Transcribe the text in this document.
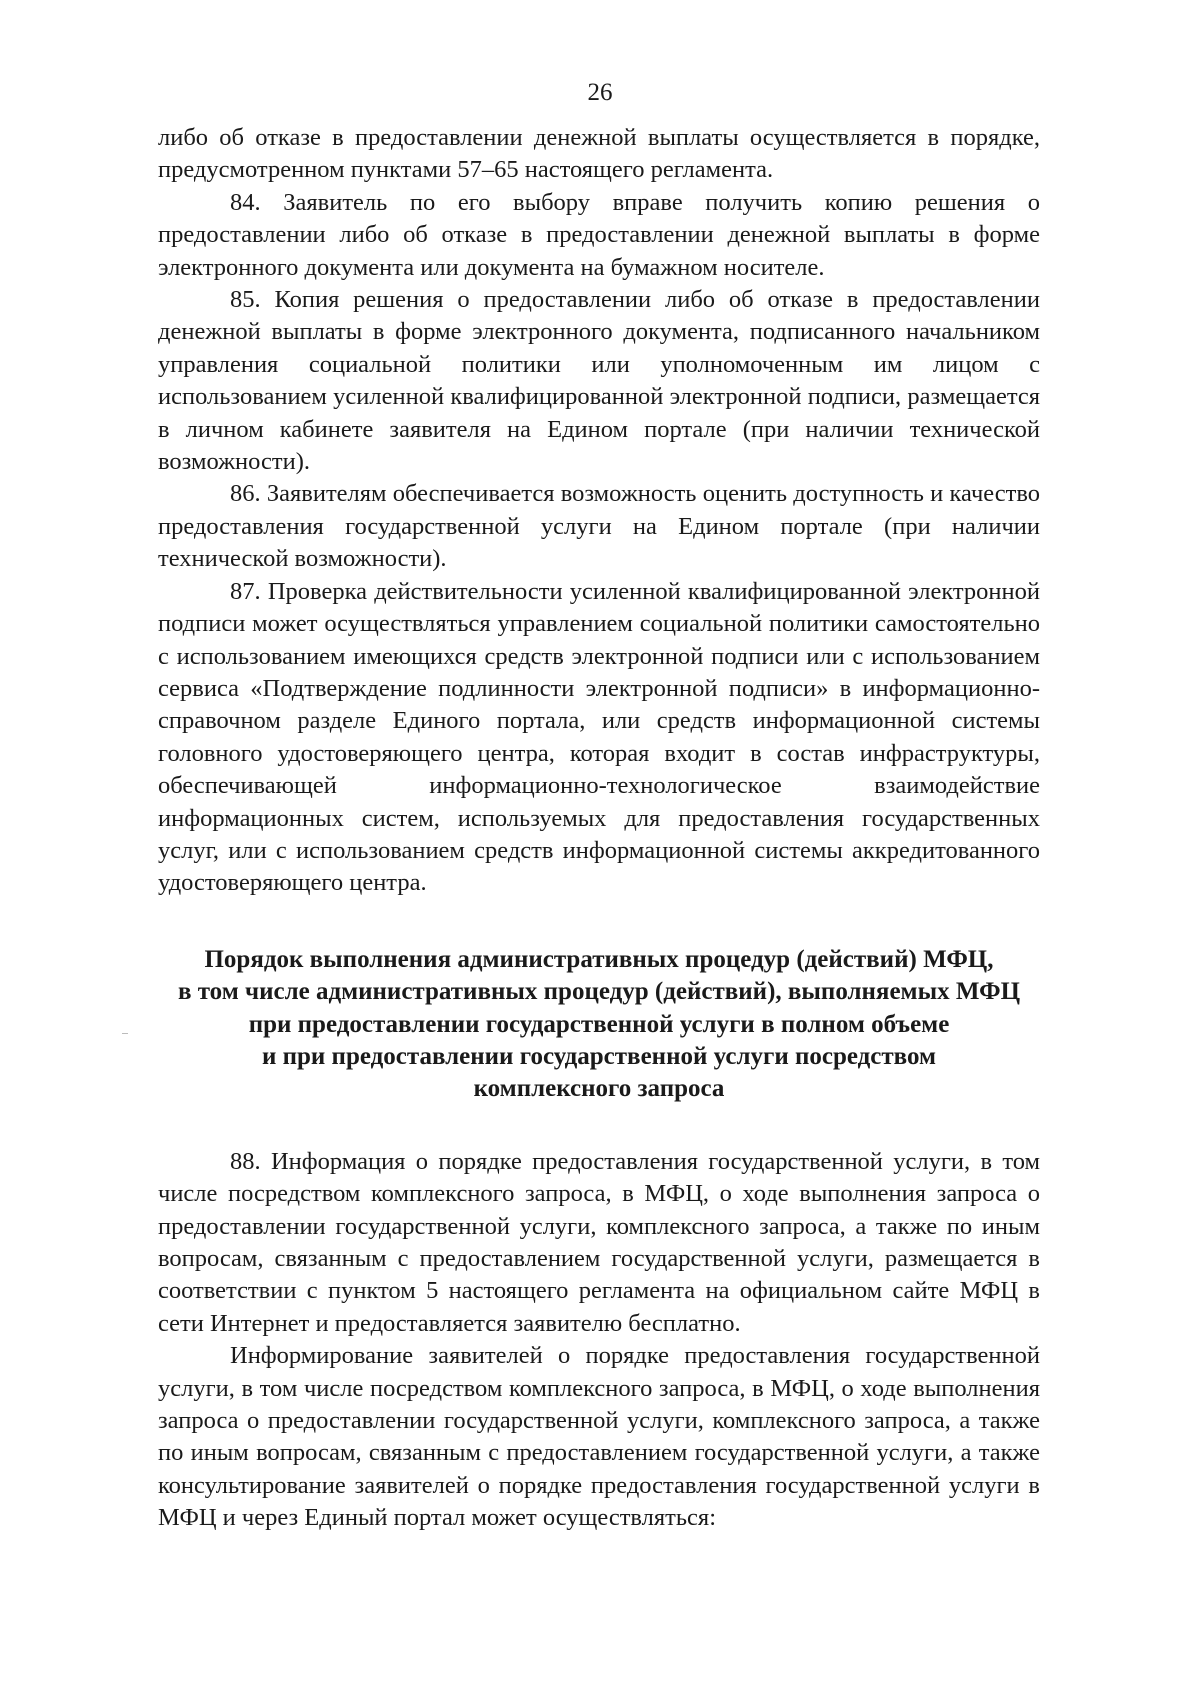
26

либо об отказе в предоставлении денежной выплаты осуществляется в порядке, предусмотренном пунктами 57–65 настоящего регламента.

84. Заявитель по его выбору вправе получить копию решения о предоставлении либо об отказе в предоставлении денежной выплаты в форме электронного документа или документа на бумажном носителе.

85. Копия решения о предоставлении либо об отказе в предоставлении денежной выплаты в форме электронного документа, подписанного начальником управления социальной политики или уполномоченным им лицом с использованием усиленной квалифицированной электронной подписи, размещается в личном кабинете заявителя на Едином портале (при наличии технической возможности).

86. Заявителям обеспечивается возможность оценить доступность и качество предоставления государственной услуги на Едином портале (при наличии технической возможности).

87. Проверка действительности усиленной квалифицированной электронной подписи может осуществляться управлением социальной политики самостоятельно с использованием имеющихся средств электронной подписи или с использованием сервиса «Подтверждение подлинности электронной подписи» в информационно-справочном разделе Единого портала, или средств информационной системы головного удостоверяющего центра, которая входит в состав инфраструктуры, обеспечивающей информационно-технологическое взаимодействие информационных систем, используемых для предоставления государственных услуг, или с использованием средств информационной системы аккредитованного удостоверяющего центра.

Порядок выполнения административных процедур (действий) МФЦ,
в том числе административных процедур (действий), выполняемых МФЦ
при предоставлении государственной услуги в полном объеме
и при предоставлении государственной услуги посредством
комплексного запроса

88. Информация о порядке предоставления государственной услуги, в том числе посредством комплексного запроса, в МФЦ, о ходе выполнения запроса о предоставлении государственной услуги, комплексного запроса, а также по иным вопросам, связанным с предоставлением государственной услуги, размещается в соответствии с пунктом 5 настоящего регламента на официальном сайте МФЦ в сети Интернет и предоставляется заявителю бесплатно.

Информирование заявителей о порядке предоставления государственной услуги, в том числе посредством комплексного запроса, в МФЦ, о ходе выполнения запроса о предоставлении государственной услуги, комплексного запроса, а также по иным вопросам, связанным с предоставлением государственной услуги, а также консультирование заявителей о порядке предоставления государственной услуги в МФЦ и через Единый портал может осуществляться:
